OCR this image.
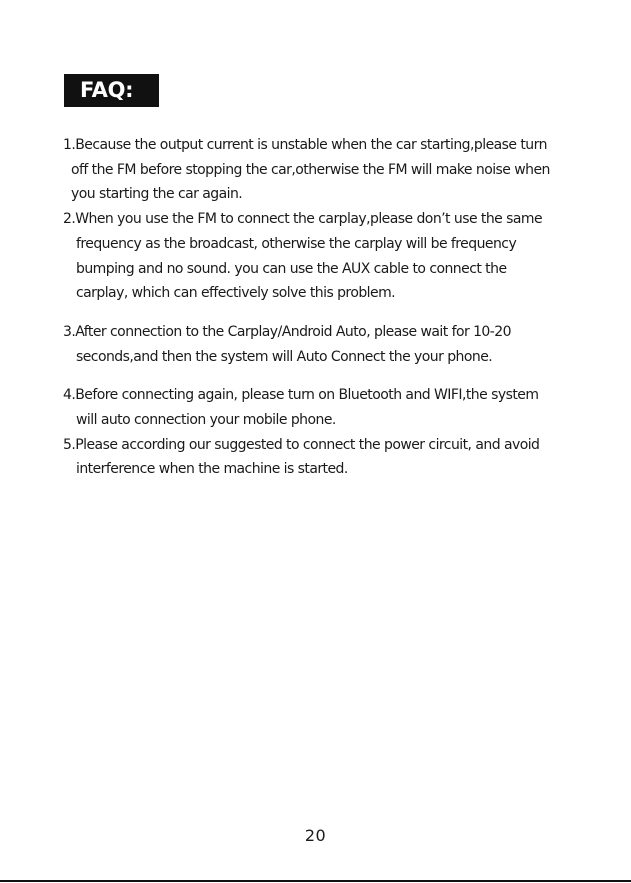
FAQ:
1.Because the output current is unstable when the car starting,please turn
off the FM before stopping the car,otherwise the FM will make noise when
you starting the car again.
2.When you use the FM to connect the carplay,please don’t use the same
frequency as the broadcast, otherwise the carplay will be frequency
bumping and no sound. you can use the AUX cable to connect the
carplay, which can effectively solve this problem.
3.After connection to the Carplay/Android Auto, please wait for 10-20
seconds,and then the system will Auto Connect the your phone.
4.Before connecting again, please turn on Bluetooth and WIFI,the system
will auto connection your mobile phone.
5.Please according our suggested to connect the power circuit, and avoid
interference when the machine is started.
20
